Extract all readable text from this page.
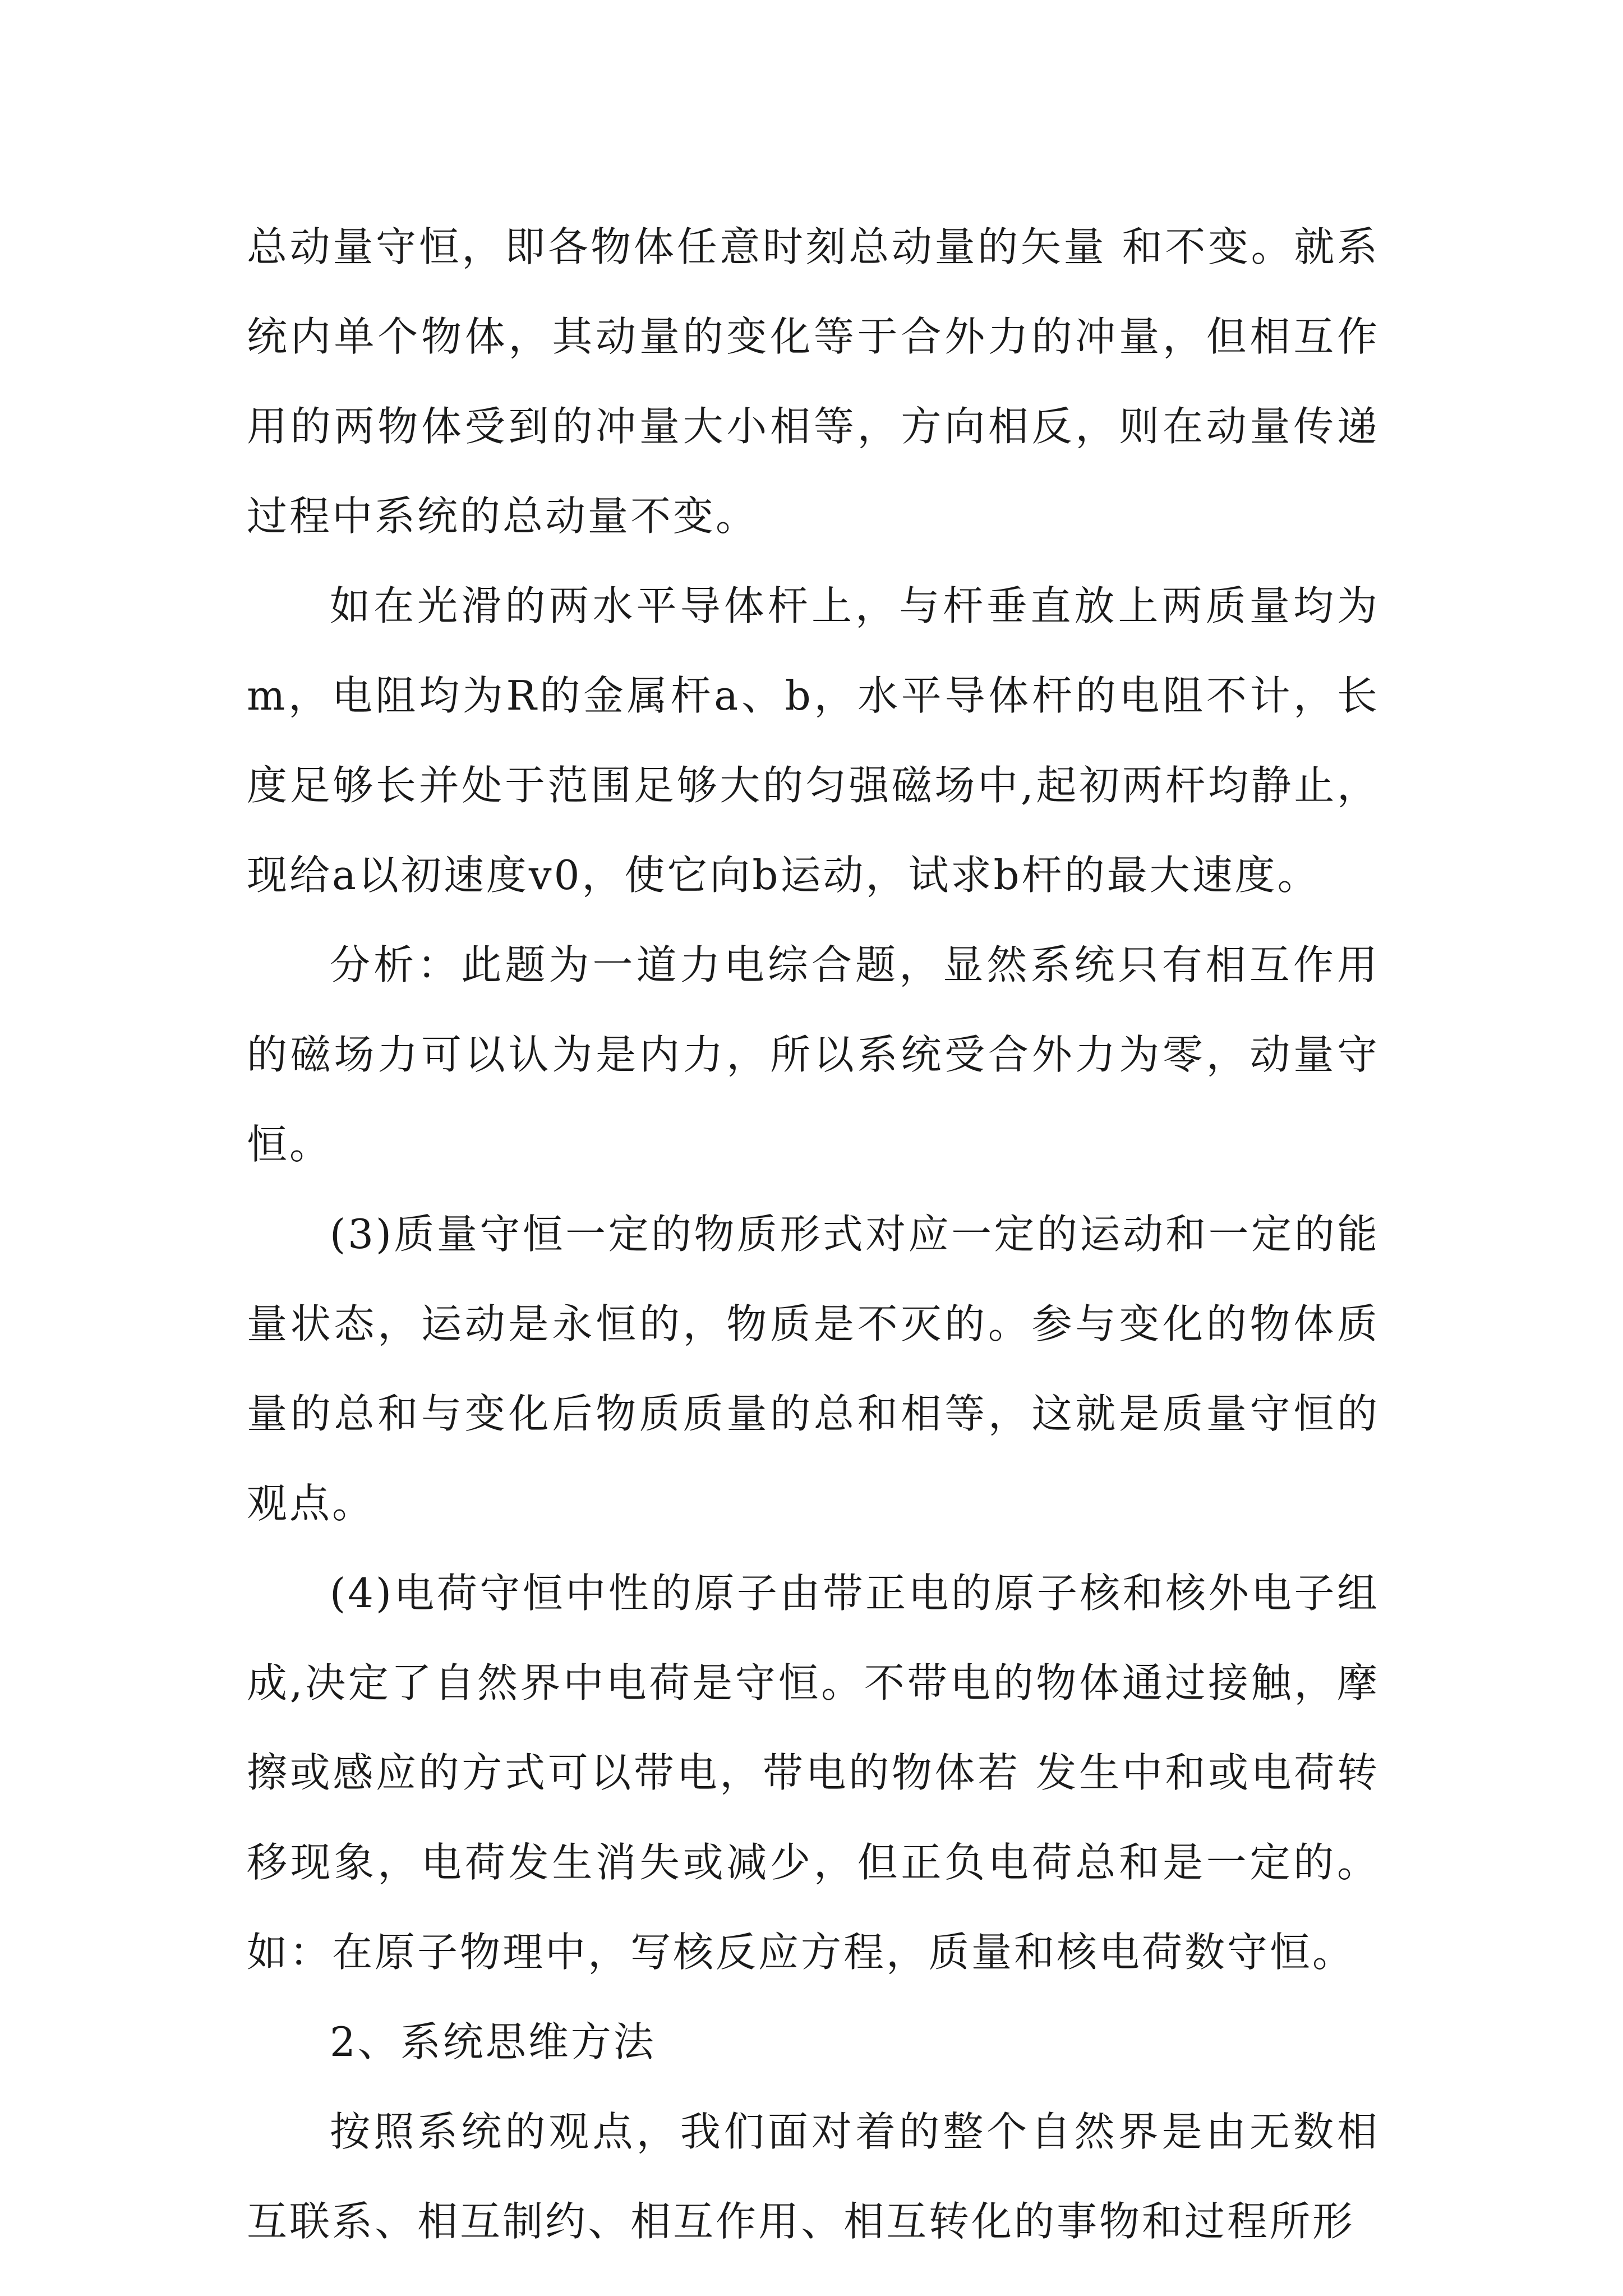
总动量守恒，即各物体任意时刻总动量的矢量 和不变。就系统内单个物体，其动量的变化等于合外力的冲量，但相互作用的两物体受到的冲量大小相等，方向相反，则在动量传递过程中系统的总动量不变。

如在光滑的两水平导体杆上，与杆垂直放上两质量均为m，电阻均为R的金属杆a、b，水平导体杆的电阻不计，长度足够长并处于范围足够大的匀强磁场中,起初两杆均静止，现给a以初速度v0，使它向b运动，试求b杆的最大速度。

分析：此题为一道力电综合题，显然系统只有相互作用的磁场力可以认为是内力，所以系统受合外力为零，动量守恒。

(3)质量守恒一定的物质形式对应一定的运动和一定的能量状态，运动是永恒的，物质是不灭的。参与变化的物体质量的总和与变化后物质质量的总和相等，这就是质量守恒的观点。

(4)电荷守恒中性的原子由带正电的原子核和核外电子组成,决定了自然界中电荷是守恒。不带电的物体通过接触，摩擦或感应的方式可以带电，带电的物体若 发生中和或电荷转移现象，电荷发生消失或减少，但正负电荷总和是一定的。如：在原子物理中，写核反应方程，质量和核电荷数守恒。

2、系统思维方法

按照系统的观点，我们面对着的整个自然界是由无数相互联系、相互制约、相互作用、相互转化的事物和过程所形
